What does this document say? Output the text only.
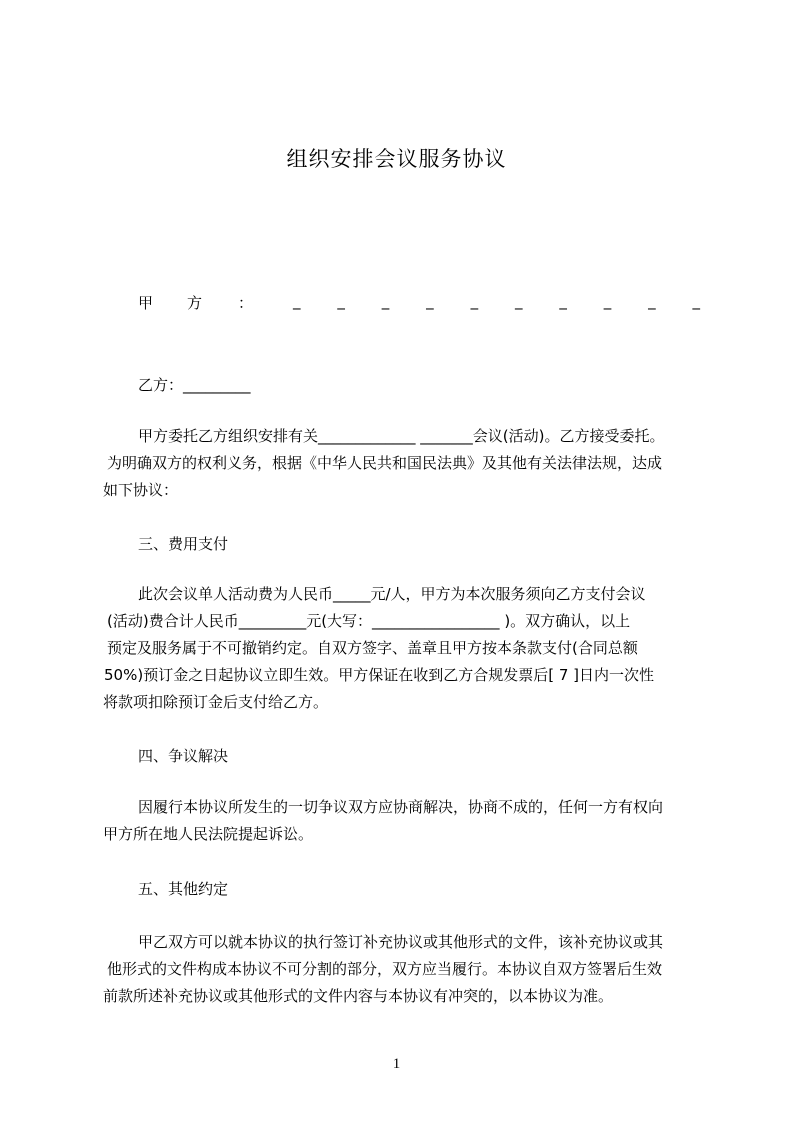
组织安排会议服务协议
甲 方 ：	_ _ _ _ _ _ _ _ _ _
乙方：_________
甲方委托乙方组织安排有关_____________ _______会议(活动)。乙方接受委托。
为明确双方的权利义务，根据《中华人民共和国民法典》及其他有关法律法规，达成
如下协议：
三、费用支付
此次会议单人活动费为人民币_____元/人，甲方为本次服务须向乙方支付会议
(活动)费合计人民币_________元(大写：_________________ )。双方确认，以上
预定及服务属于不可撤销约定。自双方签字、盖章且甲方按本条款支付(合同总额
50%)预订金之日起协议立即生效。甲方保证在收到乙方合规发票后[ 7 ]日内一次性
将款项扣除预订金后支付给乙方。
四、争议解决
因履行本协议所发生的一切争议双方应协商解决，协商不成的，任何一方有权向
甲方所在地人民法院提起诉讼。
五、其他约定
甲乙双方可以就本协议的执行签订补充协议或其他形式的文件，该补充协议或其
他形式的文件构成本协议不可分割的部分，双方应当履行。本协议自双方签署后生效
前款所述补充协议或其他形式的文件内容与本协议有冲突的，以本协议为准。
1
